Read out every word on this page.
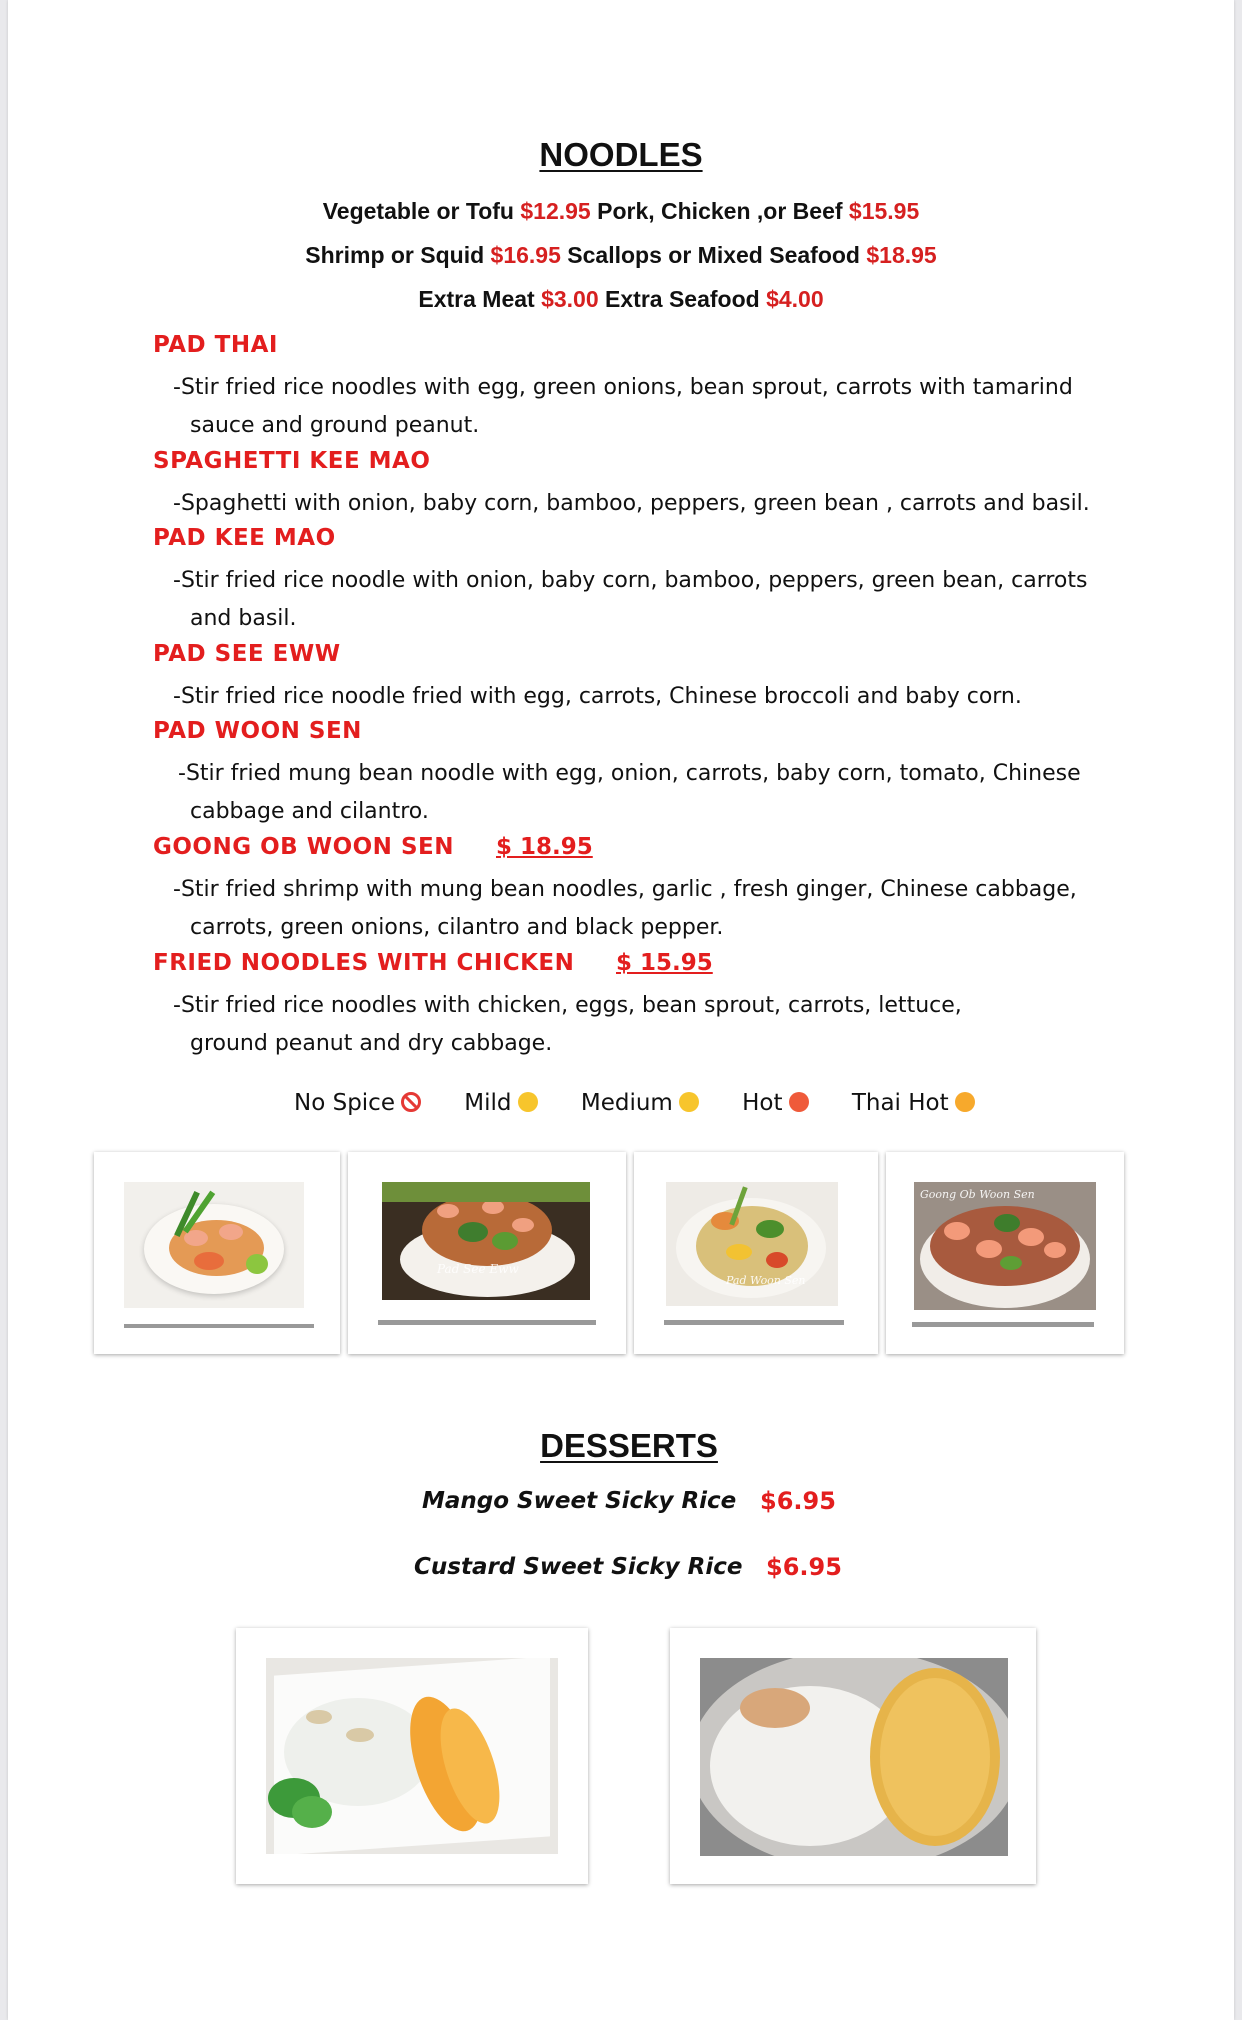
NOODLES
Vegetable or Tofu $12.95 Pork, Chicken ,or Beef $15.95
Shrimp or Squid $16.95 Scallops or Mixed Seafood $18.95
Extra Meat $3.00 Extra Seafood $4.00
PAD THAI
-Stir fried rice noodles with egg, green onions, bean sprout, carrots with tamarind
sauce and ground peanut.
SPAGHETTI KEE MAO
-Spaghetti with onion, baby corn, bamboo, peppers, green bean , carrots and basil.
PAD KEE MAO
-Stir fried rice noodle with onion, baby corn, bamboo, peppers, green bean, carrots
and basil.
PAD SEE EWW
-Stir fried rice noodle fried with egg, carrots, Chinese broccoli and baby corn.
PAD WOON SEN
-Stir fried mung bean noodle with egg, onion, carrots, baby corn, tomato, Chinese
cabbage and cilantro.
GOONG OB WOON SEN $ 18.95
-Stir fried shrimp with mung bean noodles, garlic , fresh ginger, Chinese cabbage,
carrots, green onions, cilantro and black pepper.
FRIED NOODLES WITH CHICKEN $ 15.95
-Stir fried rice noodles with chicken, eggs, bean sprout, carrots, lettuce,
ground peanut and dry cabbage.
No Spice	Mild	Medium	Hot	Thai Hot
Pad See Eww
Pad Woon Sen
Goong Ob Woon Sen
DESSERTS
Mango Sweet Sicky Rice $6.95
Custard Sweet Sicky Rice $6.95
